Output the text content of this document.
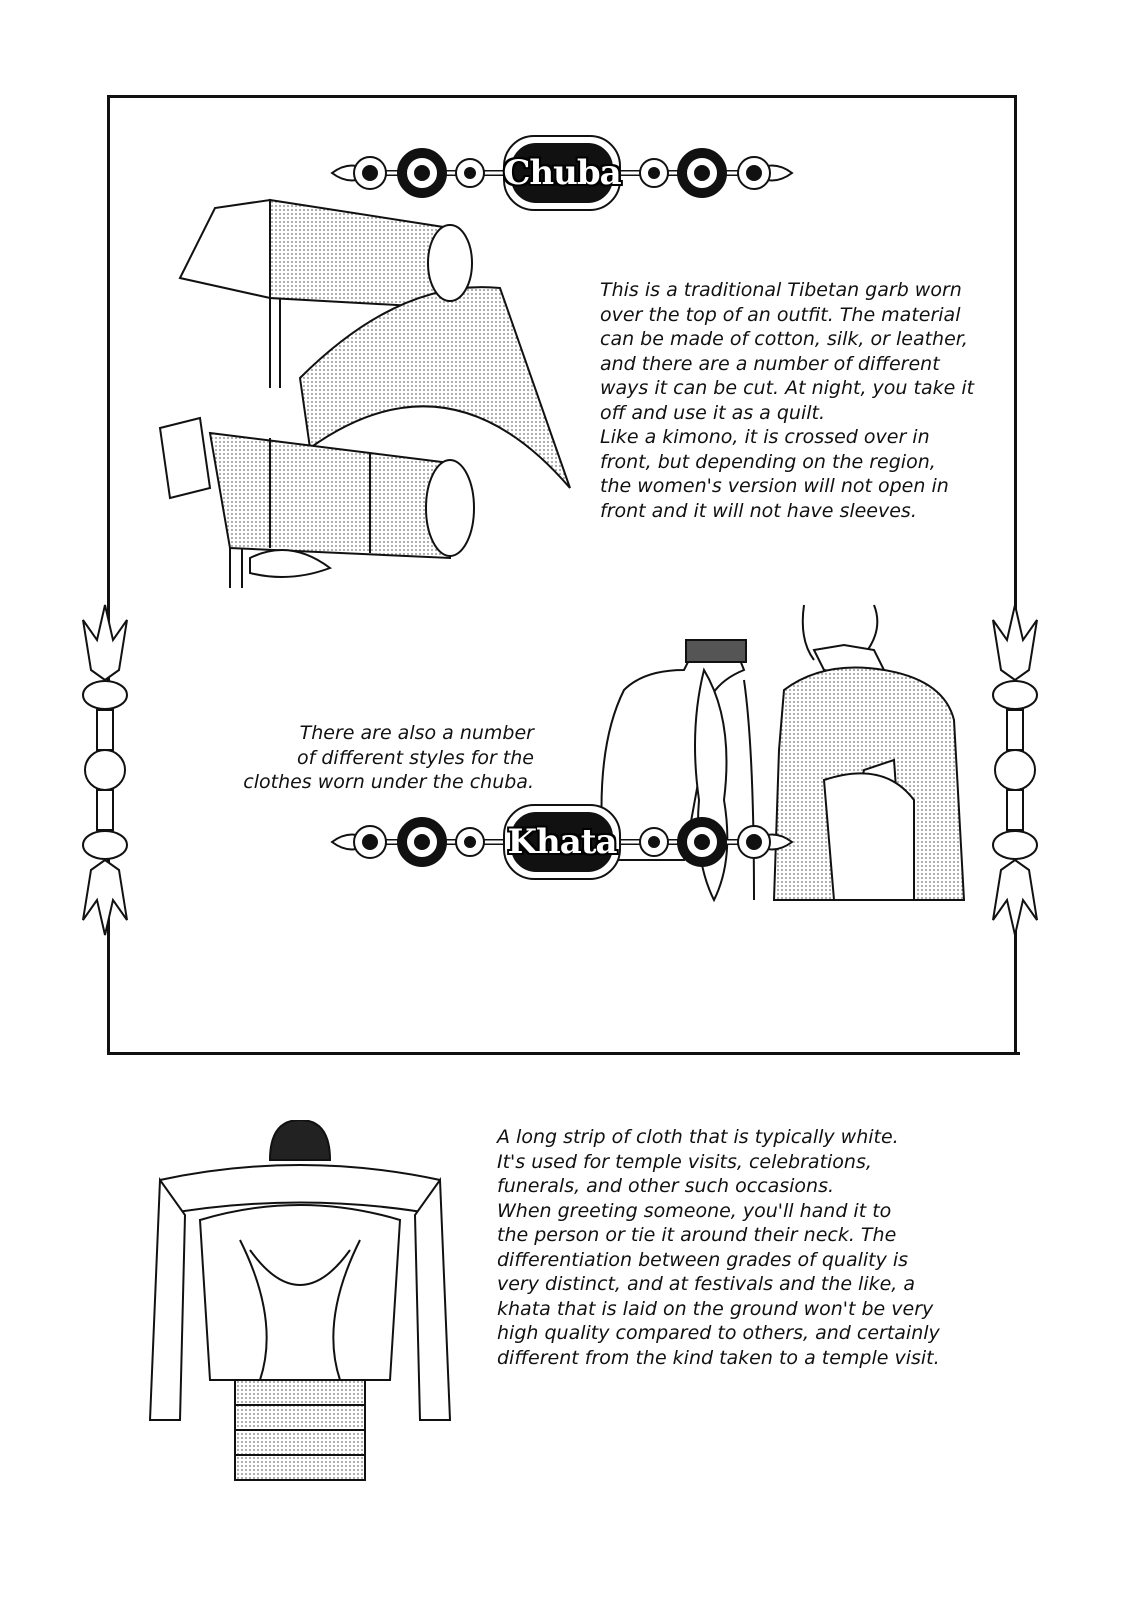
Chuba
This is a traditional Tibetan garb worn
over the top of an outfit. The material
can be made of cotton, silk, or leather,
and there are a number of different
ways it can be cut. At night, you take it
off and use it as a quilt.
Like a kimono, it is crossed over in
front, but depending on the region,
the women's version will not open in
front and it will not have sleeves.
There are also a number
of different styles for the
clothes worn under the chuba.
Khata
A long strip of cloth that is typically white.
It's used for temple visits, celebrations,
funerals, and other such occasions.
When greeting someone, you'll hand it to
the person or tie it around their neck. The
differentiation between grades of quality is
very distinct, and at festivals and the like, a
khata that is laid on the ground won't be very
high quality compared to others, and certainly
different from the kind taken to a temple visit.
